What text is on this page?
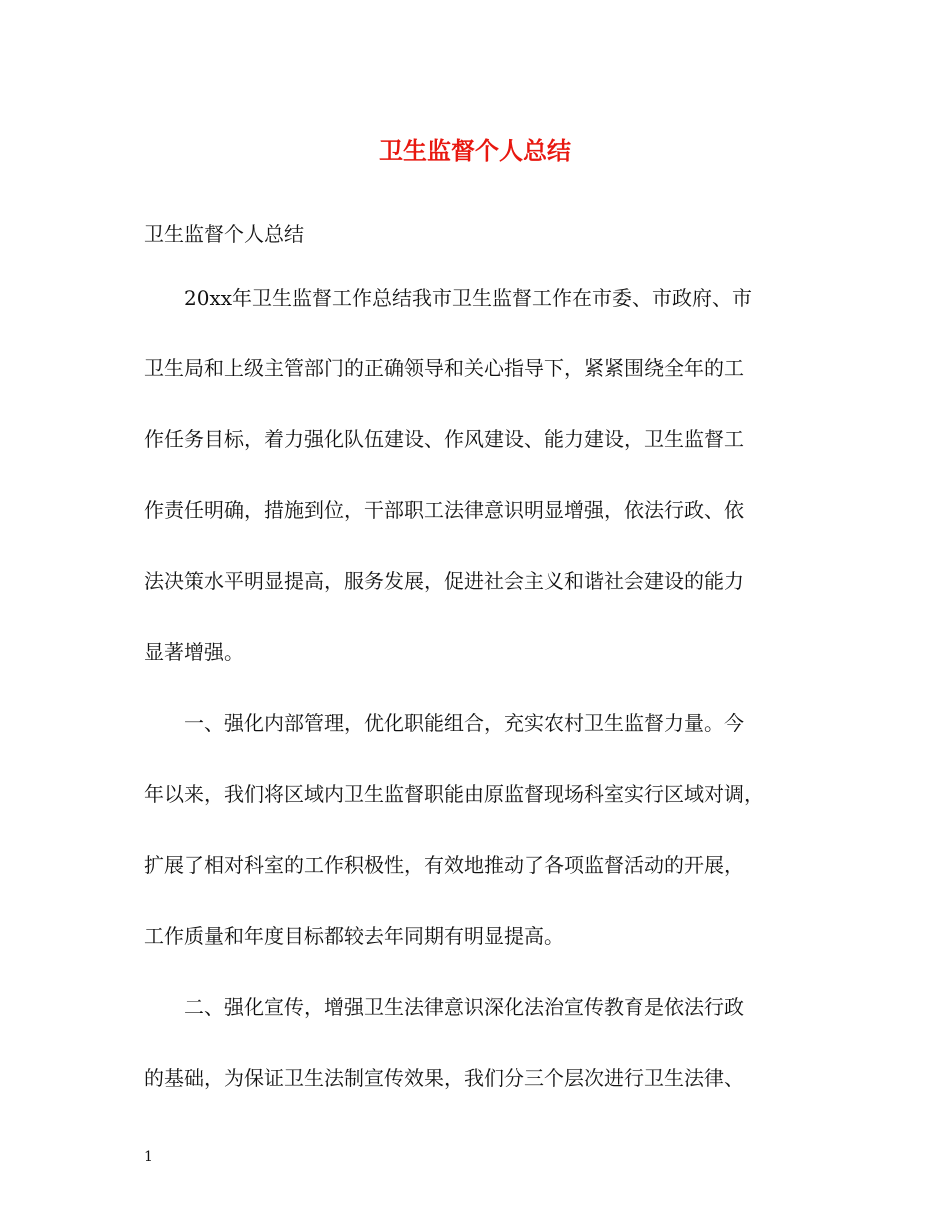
卫生监督个人总结
卫生监督个人总结
　　20xx年卫生监督工作总结我市卫生监督工作在市委、市政府、市
卫生局和上级主管部门的正确领导和关心指导下，紧紧围绕全年的工
作任务目标，着力强化队伍建设、作风建设、能力建设，卫生监督工
作责任明确，措施到位，干部职工法律意识明显增强，依法行政、依
法决策水平明显提高，服务发展，促进社会主义和谐社会建设的能力
显著增强。
　　一、强化内部管理，优化职能组合，充实农村卫生监督力量。今
年以来，我们将区域内卫生监督职能由原监督现场科室实行区域对调，
扩展了相对科室的工作积极性，有效地推动了各项监督活动的开展，
工作质量和年度目标都较去年同期有明显提高。
　　二、强化宣传，增强卫生法律意识深化法治宣传教育是依法行政
的基础，为保证卫生法制宣传效果，我们分三个层次进行卫生法律、
1
